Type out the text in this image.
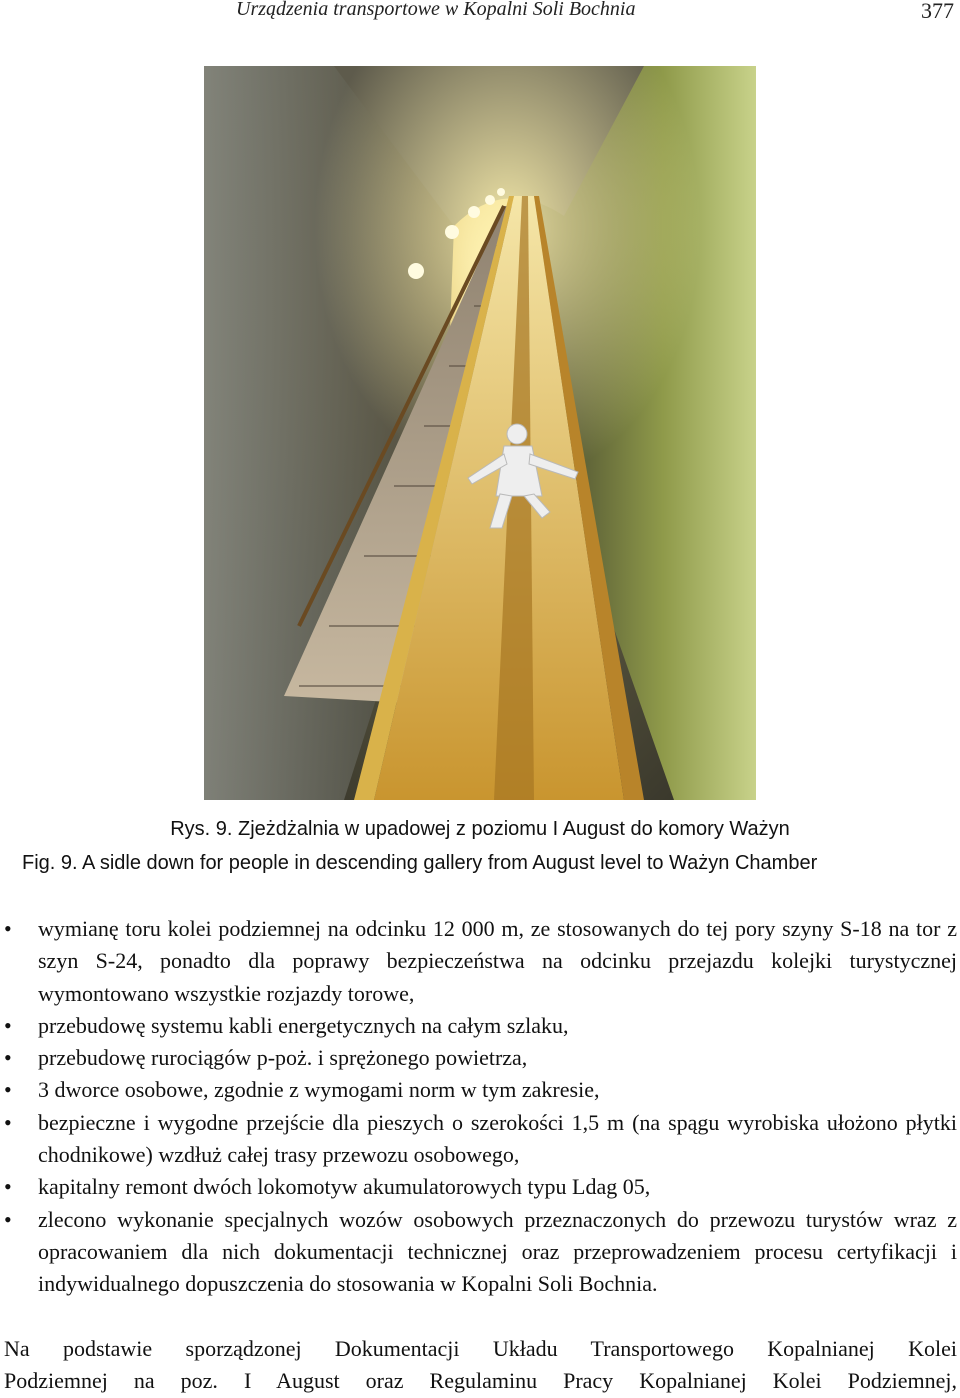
Urządzenia transportowe w Kopalni Soli Bochnia	377
Rys. 9. Zjeżdżalnia w upadowej z poziomu I August do komory Ważyn
Fig. 9. A sidle down for people in descending gallery from August level to Ważyn Chamber
• wymianę toru kolei podziemnej na odcinku 12 000 m, ze stosowanych do tej pory szyny S-18 na tor z szyn S-24, ponadto dla poprawy bezpieczeństwa na odcinku przejazdu kolejki turystycznej wymontowano wszystkie rozjazdy torowe,
• przebudowę systemu kabli energetycznych na całym szlaku,
• przebudowę rurociągów p-poż. i sprężonego powietrza,
• 3 dworce osobowe, zgodnie z wymogami norm w tym zakresie,
• bezpieczne i wygodne przejście dla pieszych o szerokości 1,5 m (na spągu wyrobiska ułożono płytki chodnikowe) wzdłuż całej trasy przewozu osobowego,
• kapitalny remont dwóch lokomotyw akumulatorowych typu Ldag 05,
• zlecono wykonanie specjalnych wozów osobowych przeznaczonych do przewozu turystów wraz z opracowaniem dla nich dokumentacji technicznej oraz przeprowadzeniem procesu certyfikacji i indywidualnego dopuszczenia do stosowania w Kopalni Soli Bochnia.
Na podstawie sporządzonej Dokumentacji Układu Transportowego Kopalnianej Kolei
Podziemnej na poz. I August oraz Regulaminu Pracy Kopalnianej Kolei Podziemnej,
